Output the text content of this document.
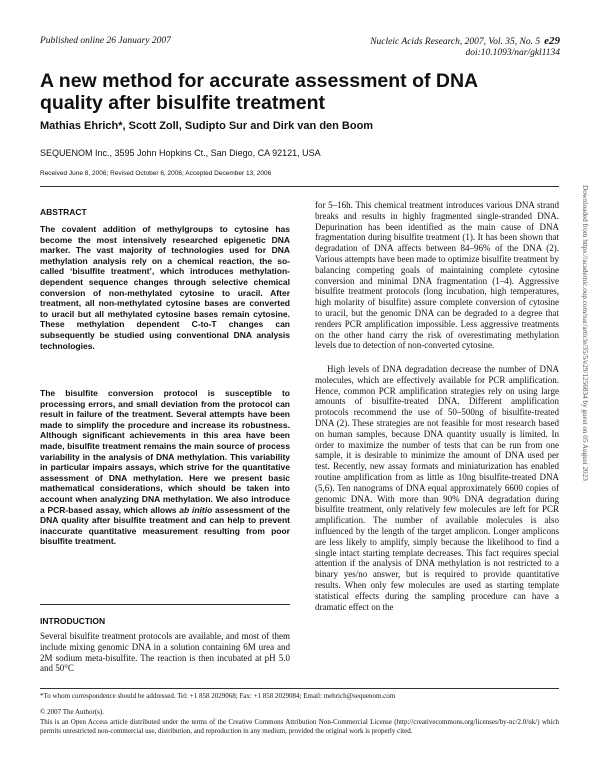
Published online 26 January 2007	Nucleic Acids Research, 2007, Vol. 35, No. 5 e29
doi:10.1093/nar/gkl1134
A new method for accurate assessment of DNA quality after bisulfite treatment
Mathias Ehrich*, Scott Zoll, Sudipto Sur and Dirk van den Boom
SEQUENOM Inc., 3595 John Hopkins Ct., San Diego, CA 92121, USA
Received June 8, 2006; Revised October 6, 2006; Accepted December 13, 2006
ABSTRACT

The covalent addition of methylgroups to cytosine has become the most intensively researched epigenetic DNA marker. The vast majority of technologies used for DNA methylation analysis rely on a chemical reaction, the so-called ‘bisulfite treatment’, which introduces methylation-dependent sequence changes through selective chemical conversion of non-methylated cytosine to uracil. After treatment, all non-methylated cytosine bases are converted to uracil but all methylated cytosine bases remain cytosine. These methylation dependent C-to-T changes can subsequently be studied using conventional DNA analysis technologies.

The bisulfite conversion protocol is susceptible to processing errors, and small deviation from the protocol can result in failure of the treatment. Several attempts have been made to simplify the procedure and increase its robustness. Although significant achievements in this area have been made, bisulfite treatment remains the main source of process variability in the analysis of DNA methylation. This variability in particular impairs assays, which strive for the quantitative assessment of DNA methylation. Here we present basic mathematical considerations, which should be taken into account when analyzing DNA methylation. We also introduce a PCR-based assay, which allows ab initio assessment of the DNA quality after bisulfite treatment and can help to prevent inaccurate quantitative measurement resulting from poor bisulfite treatment.

INTRODUCTION

Several bisulfite treatment protocols are available, and most of them include mixing genomic DNA in a solution containing 6M urea and 2M sodium meta-bisulfite. The reaction is then incubated at pH 5.0 and 50°C

for 5–16h. This chemical treatment introduces various DNA strand breaks and results in highly fragmented single-stranded DNA. Depurination has been identified as the main cause of DNA fragmentation during bisulfite treatment (1). It has been shown that degradation of DNA affects between 84–96% of the DNA (2). Various attempts have been made to optimize bisulfite treatment by balancing competing goals of maintaining complete cytosine conversion and minimal DNA fragmentation (1–4). Aggressive bisulfite treatment protocols (long incubation, high temperatures, high molarity of bisulfite) assure complete conversion of cytosine to uracil, but the genomic DNA can be degraded to a degree that renders PCR amplification impossible. Less aggressive treatments on the other hand carry the risk of overestimating methylation levels due to detection of non-converted cytosine.

High levels of DNA degradation decrease the number of DNA molecules, which are effectively available for PCR amplification. Hence, common PCR amplification strategies rely on using large amounts of bisulfite-treated DNA. Different amplification protocols recommend the use of 50–500ng of bisulfite-treated DNA (2). These strategies are not feasible for most research based on human samples, because DNA quantity usually is limited. In order to maximize the number of tests that can be run from one sample, it is desirable to minimize the amount of DNA used per test. Recently, new assay formats and miniaturization has enabled routine amplification from as little as 10ng bisulfite-treated DNA (5,6). Ten nanograms of DNA equal approximately 6600 copies of genomic DNA. With more than 90% DNA degradation during bisulfite treatment, only relatively few molecules are left for PCR amplification. The number of available molecules is also influenced by the length of the target amplicon. Longer amplicons are less likely to amplify, simply because the likelihood to find a single intact starting template decreases. This fact requires special attention if the analysis of DNA methylation is not restricted to a binary yes/no answer, but is required to provide quantitative results. When only few molecules are used as starting template statistical effects during the sampling procedure can have a dramatic effect on the

*To whom correspondence should be addressed. Tel: +1 858 2029068; Fax: +1 858 2029084; Email: mehrich@sequenom.com
© 2007 The Author(s).

This is an Open Access article distributed under the terms of the Creative Commons Attribution Non-Commercial License (http://creativecommons.org/licenses/by-nc/2.0/uk/) which permits unrestricted non-commercial use, distribution, and reproduction in any medium, provided the original work is properly cited.

Downloaded from https://academic.oup.com/nar/article/35/5/e29/1256834 by guest on 05 August 2023
